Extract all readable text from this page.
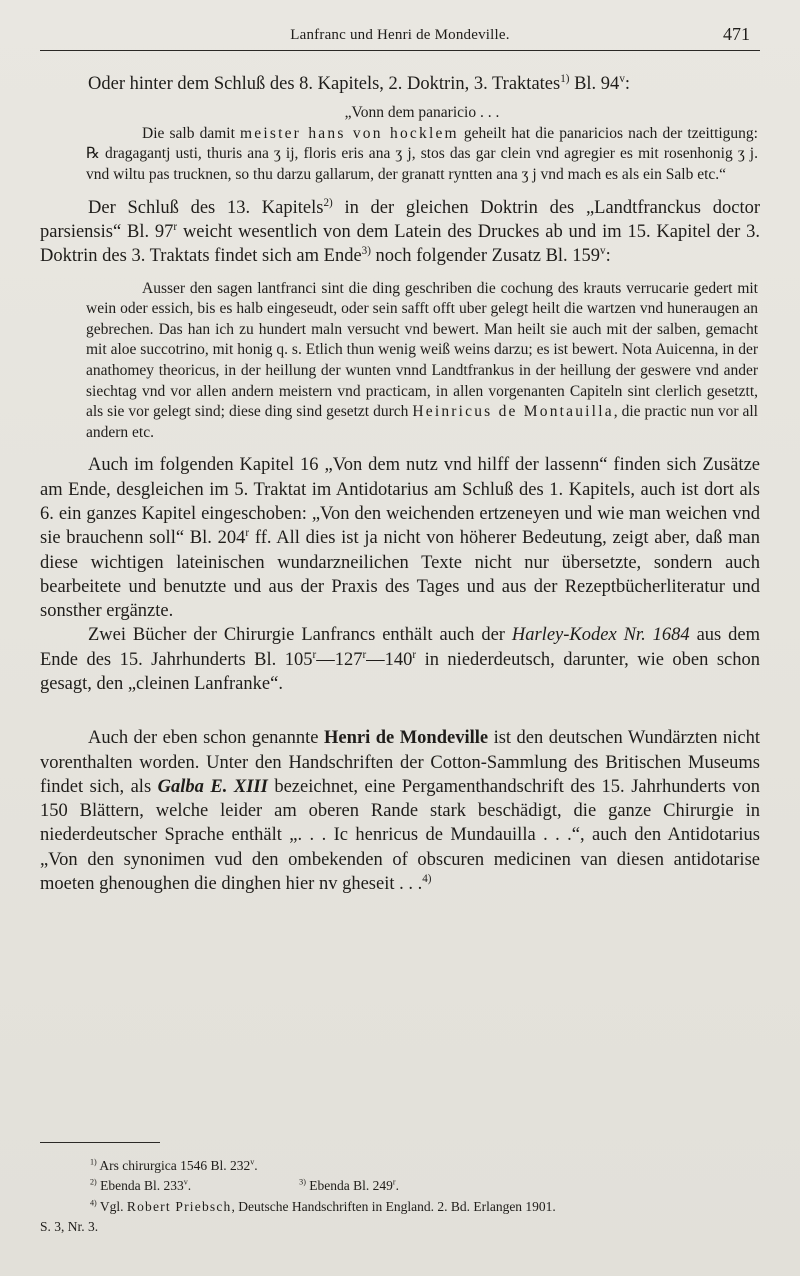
Lanfranc und Henri de Mondeville.	471

Oder hinter dem Schluß des 8. Kapitels, 2. Doktrin, 3. Traktates$^{1)}$ Bl. 94$^v$:

„Vonn dem panaricio . . .

Die salb damit meister hans von hocklem geheilt hat die panaricios nach der tzeittigung: ℞ dragagantj usti, thuris ana ʒ ij, floris eris ana ʒ j, stos das gar clein vnd agregier es mit rosenhonig ʒ j. vnd wiltu pas trucknen, so thu darzu gallarum, der granatt ryntten ana ʒ j vnd mach es als ein Salb etc.“

Der Schluß des 13. Kapitels$^{2)}$ in der gleichen Doktrin des „Landtfranckus doctor parsiensis“ Bl. 97$^r$ weicht wesentlich von dem Latein des Druckes ab und im 15. Kapitel der 3. Doktrin des 3. Traktats findet sich am Ende$^{3)}$ noch folgender Zusatz Bl. 159$^v$:

Ausser den sagen lantfranci sint die ding geschriben die cochung des krauts verrucarie gedert mit wein oder essich, bis es halb eingeseudt, oder sein safft offt uber gelegt heilt die wartzen vnd huneraugen an gebrechen. Das han ich zu hundert maln versucht vnd bewert. Man heilt sie auch mit der salben, gemacht mit aloe succotrino, mit honig q. s. Etlich thun wenig weiß weins darzu; es ist bewert. Nota Auicenna, in der anathomey theoricus, in der heillung der wunten vnnd Landtfrankus in der heillung der geswere vnd ander siechtag vnd vor allen andern meistern vnd practicam, in allen vorgenanten Capiteln sint clerlich gesetztt, als sie vor gelegt sind; diese ding sind gesetzt durch Heinricus de Montauilla, die practic nun vor all andern etc.

Auch im folgenden Kapitel 16 „Von dem nutz vnd hilff der lassenn“ finden sich Zusätze am Ende, desgleichen im 5. Traktat im Antidotarius am Schluß des 1. Kapitels, auch ist dort als 6. ein ganzes Kapitel eingeschoben: „Von den weichenden ertzeneyen und wie man weichen vnd sie brauchenn soll“ Bl. 204$^r$ ff. All dies ist ja nicht von höherer Bedeutung, zeigt aber, daß man diese wichtigen lateinischen wundarzneilichen Texte nicht nur übersetzte, sondern auch bearbeitete und benutzte und aus der Praxis des Tages und aus der Rezeptbücherliteratur und sonsther ergänzte.

Zwei Bücher der Chirurgie Lanfrancs enthält auch der Harley-Kodex Nr. 1684 aus dem Ende des 15. Jahrhunderts Bl. 105$^r$—127$^r$—140$^r$ in niederdeutsch, darunter, wie oben schon gesagt, den „cleinen Lanfranke“.

Auch der eben schon genannte Henri de Mondeville ist den deutschen Wundärzten nicht vorenthalten worden. Unter den Handschriften der Cotton-Sammlung des Britischen Museums findet sich, als Galba E. XIII bezeichnet, eine Pergamenthandschrift des 15. Jahrhunderts von 150 Blättern, welche leider am oberen Rande stark beschädigt, die ganze Chirurgie in niederdeutscher Sprache enthält „. . . Ic henricus de Mundauilla . . .“, auch den Antidotarius „Von den synonimen vud den ombekenden of obscuren medicinen van diesen antidotarise moeten ghenoughen die dinghen hier nv gheseit . . .$^{4)}$

$^{1)}$ Ars chirurgica 1546 Bl. 232$^v$.
$^{2)}$ Ebenda Bl. 233$^v$.	$^{3)}$ Ebenda Bl. 249$^r$.
$^{4)}$ Vgl. Robert Priebsch, Deutsche Handschriften in England. 2. Bd. Erlangen 1901.
S. 3, Nr. 3.
